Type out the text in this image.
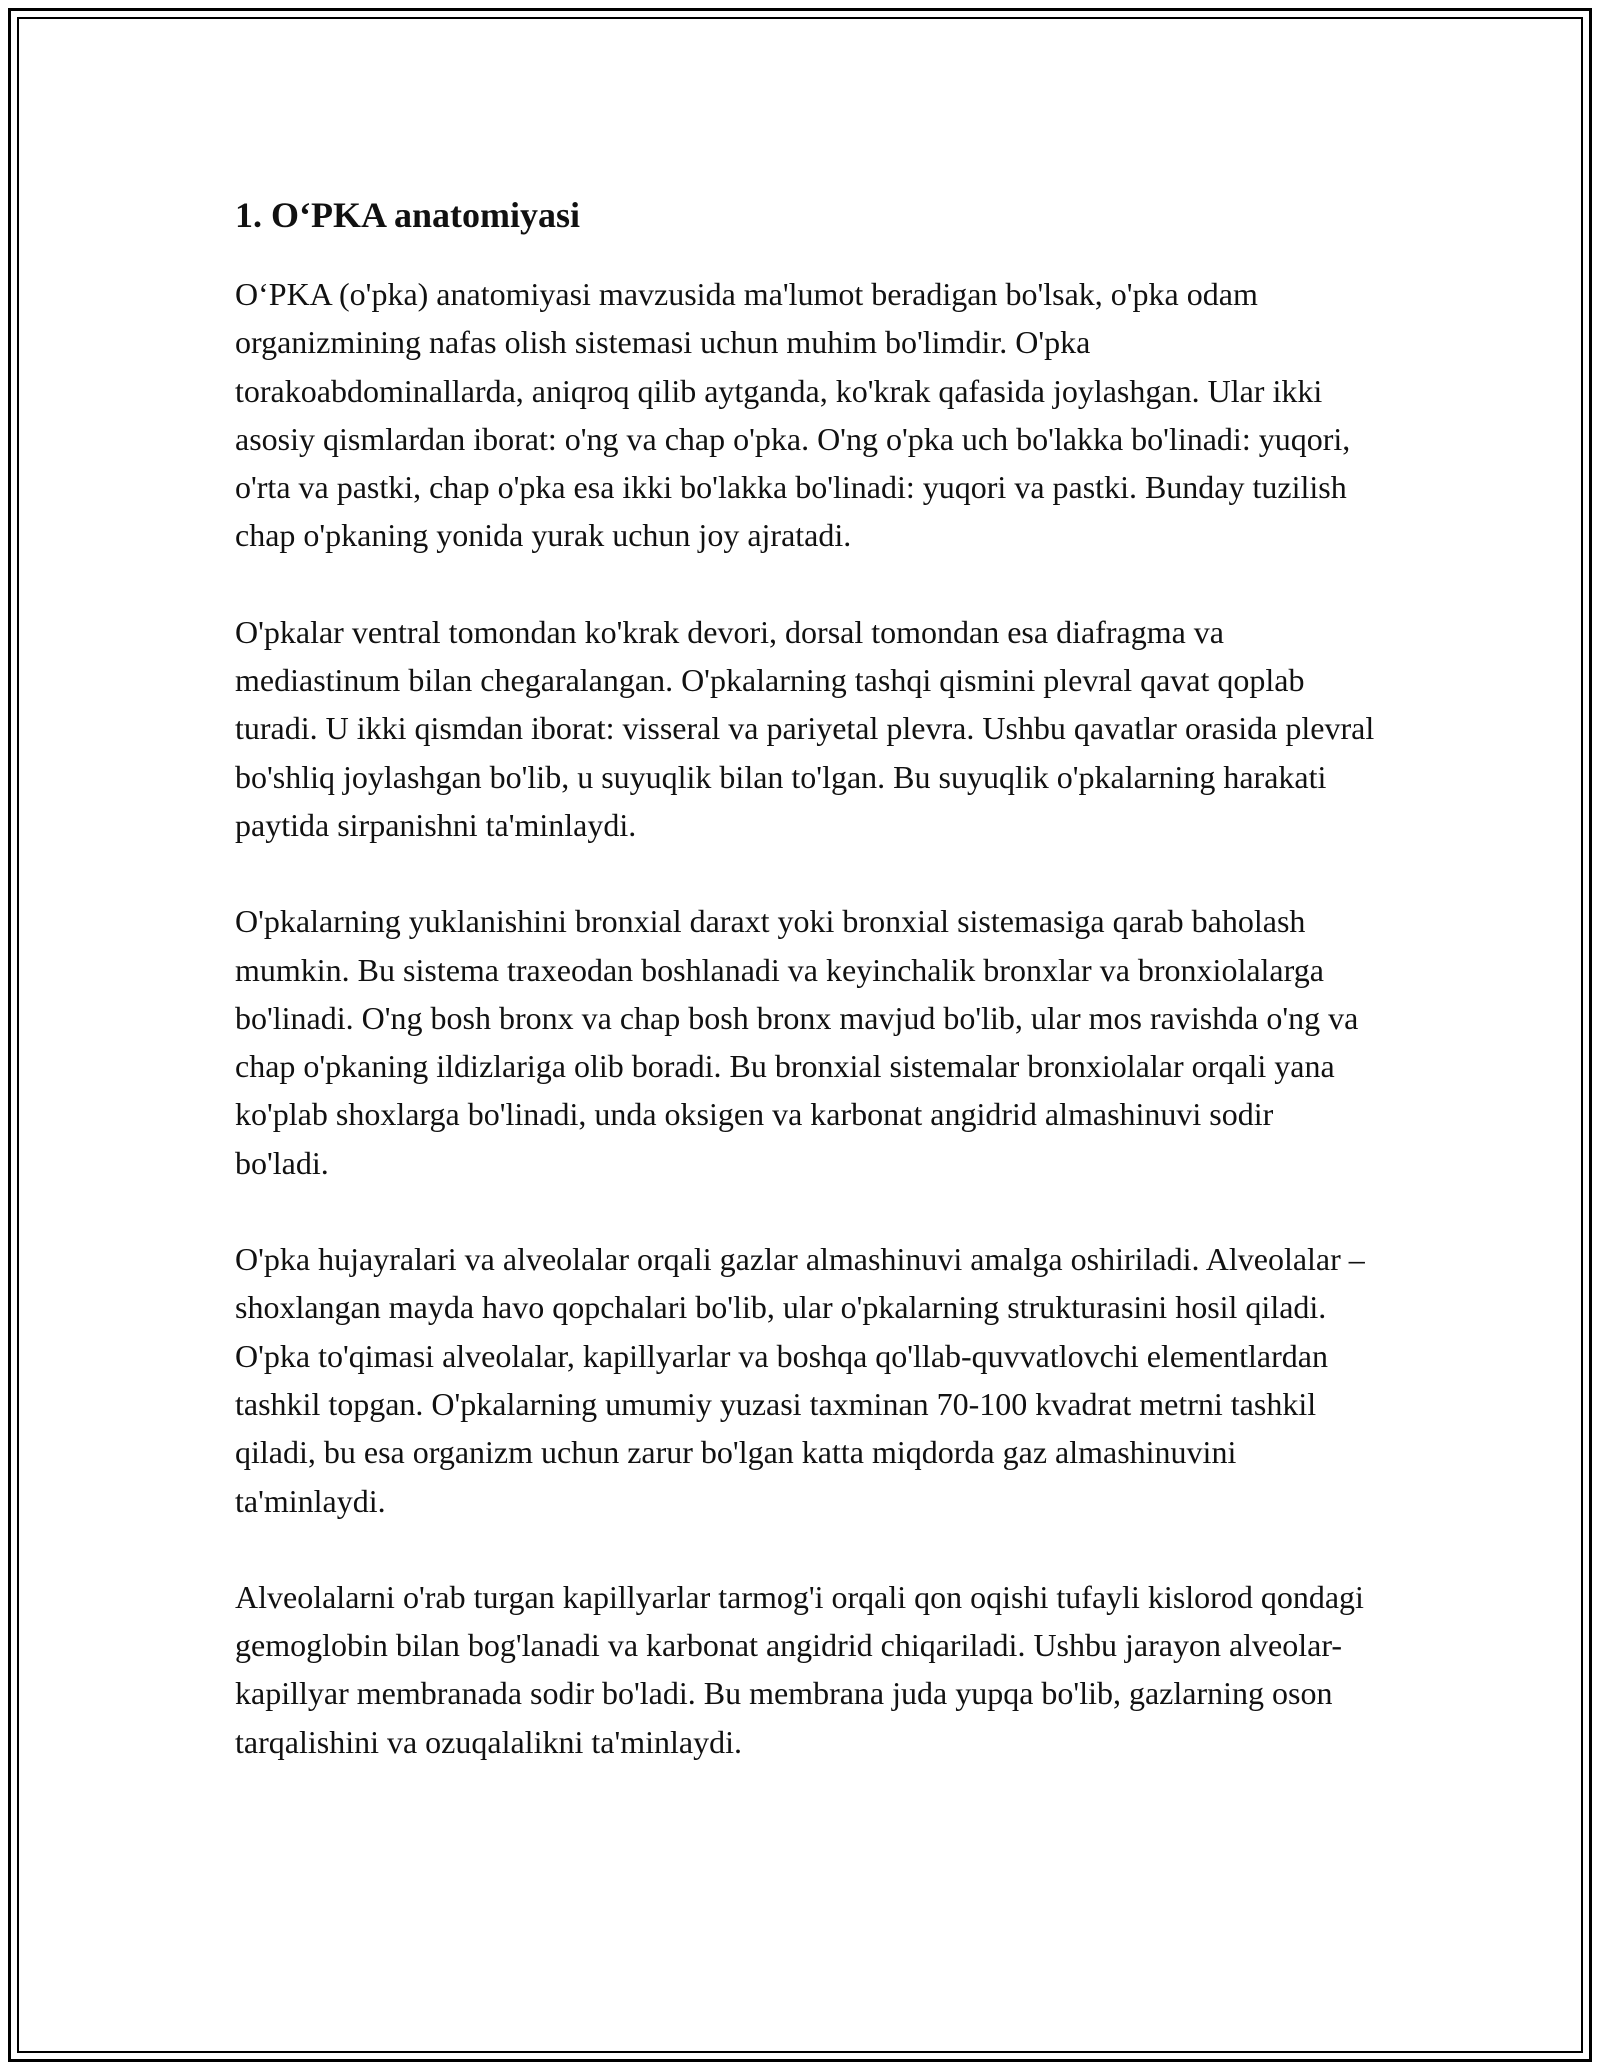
1. O‘PKA anatomiyasi

O‘PKA (o'pka) anatomiyasi mavzusida ma'lumot beradigan bo'lsak, o'pka odam organizmining nafas olish sistemasi uchun muhim bo'limdir. O'pka torakoabdominallarda, aniqroq qilib aytganda, ko'krak qafasida joylashgan. Ular ikki asosiy qismlardan iborat: o'ng va chap o'pka. O'ng o'pka uch bo'lakka bo'linadi: yuqori, o'rta va pastki, chap o'pka esa ikki bo'lakka bo'linadi: yuqori va pastki. Bunday tuzilish chap o'pkaning yonida yurak uchun joy ajratadi.

O'pkalar ventral tomondan ko'krak devori, dorsal tomondan esa diafragma va mediastinum bilan chegaralangan. O'pkalarning tashqi qismini plevral qavat qoplab turadi. U ikki qismdan iborat: visseral va pariyetal plevra. Ushbu qavatlar orasida plevral bo'shliq joylashgan bo'lib, u suyuqlik bilan to'lgan. Bu suyuqlik o'pkalarning harakati paytida sirpanishni ta'minlaydi.

O'pkalarning yuklanishini bronxial daraxt yoki bronxial sistemasiga qarab baholash mumkin. Bu sistema traxeodan boshlanadi va keyinchalik bronxlar va bronxiolalarga bo'linadi. O'ng bosh bronx va chap bosh bronx mavjud bo'lib, ular mos ravishda o'ng va chap o'pkaning ildizlariga olib boradi. Bu bronxial sistemalar bronxiolalar orqali yana ko'plab shoxlarga bo'linadi, unda oksigen va karbonat angidrid almashinuvi sodir bo'ladi.

O'pka hujayralari va alveolalar orqali gazlar almashinuvi amalga oshiriladi. Alveolalar – shoxlangan mayda havo qopchalari bo'lib, ular o'pkalarning strukturasini hosil qiladi. O'pka to'qimasi alveolalar, kapillyarlar va boshqa qo'llab-quvvatlovchi elementlardan tashkil topgan. O'pkalarning umumiy yuzasi taxminan 70-100 kvadrat metrni tashkil qiladi, bu esa organizm uchun zarur bo'lgan katta miqdorda gaz almashinuvini ta'minlaydi.

Alveolalarni o'rab turgan kapillyarlar tarmog'i orqali qon oqishi tufayli kislorod qondagi gemoglobin bilan bog'lanadi va karbonat angidrid chiqariladi. Ushbu jarayon alveolar-kapillyar membranada sodir bo'ladi. Bu membrana juda yupqa bo'lib, gazlarning oson tarqalishini va ozuqalalikni ta'minlaydi.
